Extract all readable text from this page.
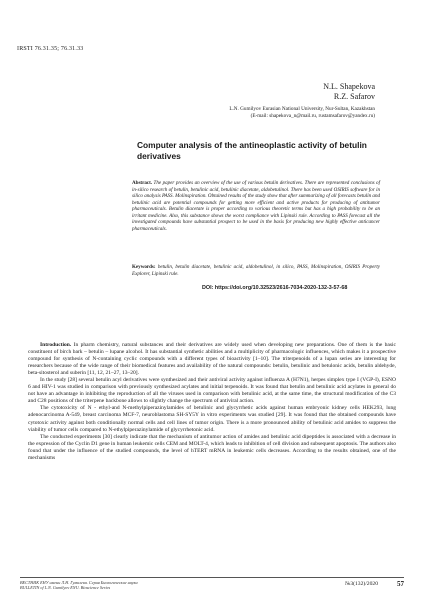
IRSTI 76.31.35; 76.31.33
N.L. Shapekova
R.Z. Safarov
L.N. Gumilyov Eurasian National University, Nur-Sultan, Kazakhstan
(E-mail: shapekova_n@mail.ru, rustamsafarov@yandex.ru)
Computer analysis of the antineoplastic activity of betulin derivatives
Abstract. The paper provides an overview of the use of various betulin derivatives. There are represented conclusions of in-silico research of betulin, betulinic acid, betulinic diacetate, aldobetulinol. There has been used OSIRIS software for in silico analysis PASS. Molinspiration. Obtained results of the study show that after summarizing of all forecasts betulin and betulinic acid are potential compounds for getting more efficient and active products for producing of antitumor pharmaceuticals. Betulin diacetate is proper according to various theoretic terms but has a high probability to be an irritant medicine. Also, this substance shows the worst compliance with Lipinski rule. According to PASS forecast all the investigated compounds have substantial prospect to be used in the basis for producing new highly effective anticancer pharmaceuticals.
Keywords: betulin, betulin diacetate, betulinic acid, aldobetulinol, in silico, PASS, Molinspiration, OSIRIS Property Explorer, Lipinski rule.
DOI: https://doi.org/10.32523/2616-7034-2020-132-3-57-68

Introduction. In pharm chemistry, natural substances and their derivatives are widely used when developing new preparations. One of them is the basic constituent of birch bark – betulin – lupane alcohol. It has substantial synthetic abilities and a multiplicity of pharmacologic influences, which makes it a prospective compound for synthesis of N-containing cyclic compounds with a different types of bioactivity [1–10]. The triterpenoids of a lupan series are interesting for researchers because of the wide range of their biomedical features and availability of the natural compounds: betulin, betulinic and betulonic acids, betulin aldehyde, beta-sitosterol and suberin [11, 12, 21–27, 13–20].

In the study [28] several betulin acyl derivatives were synthesized and their antiviral activity against influenza A (H7N1), herpes simplex type I (VGP-I), ESNO 6 and HIV-1 was studied in comparison with previously synthesized acylates and initial terpenoids. It was found that betulin and betulinic acid acylates in general do not have an advantage in inhibiting the reproduction of all the viruses used in comparison with betulinic acid, at the same time, the structural modification of the C3 and C28 positions of the triterpene backbone allows to slightly change the spectrum of antiviral action.

The cytotoxicity of N - ethyl-and N-methylpiperazinylamides of betulinic and glycyrrhetic acids against human embryonic kidney cells HEK293, lung adenocarcinoma A-549, breast carcinoma MCF-7, neuroblastoma SH-SY5Y in vitro experiments was studied [29]. It was found that the obtained compounds have cytotoxic activity against both conditionally normal cells and cell lines of tumor origin. There is a more pronounced ability of betulinic acid amides to suppress the viability of tumor cells compared to N-ethylpiperazinylamide of glycyrrhetonic acid.

The conducted experiments [30] clearly indicate that the mechanism of antitumor action of amides and betulinic acid dipeptides is associated with a decrease in the expression of the Cyclin D1 gene in human leukemic cells CEM and MOLT-4, which leads to inhibition of cell division and subsequent apoptosis. The authors also found that under the influence of the studied compounds, the level of hTERT mRNA in leukemic cells decreases. According to the results obtained, one of the mechanisms

ВЕСТНИК ЕНУ имени Л.Н. Гумилева. Серия Биологические науки
BULLETIN of L.N. Gumilyov ENU. Bioscience Series
№3(132)/2020	57
